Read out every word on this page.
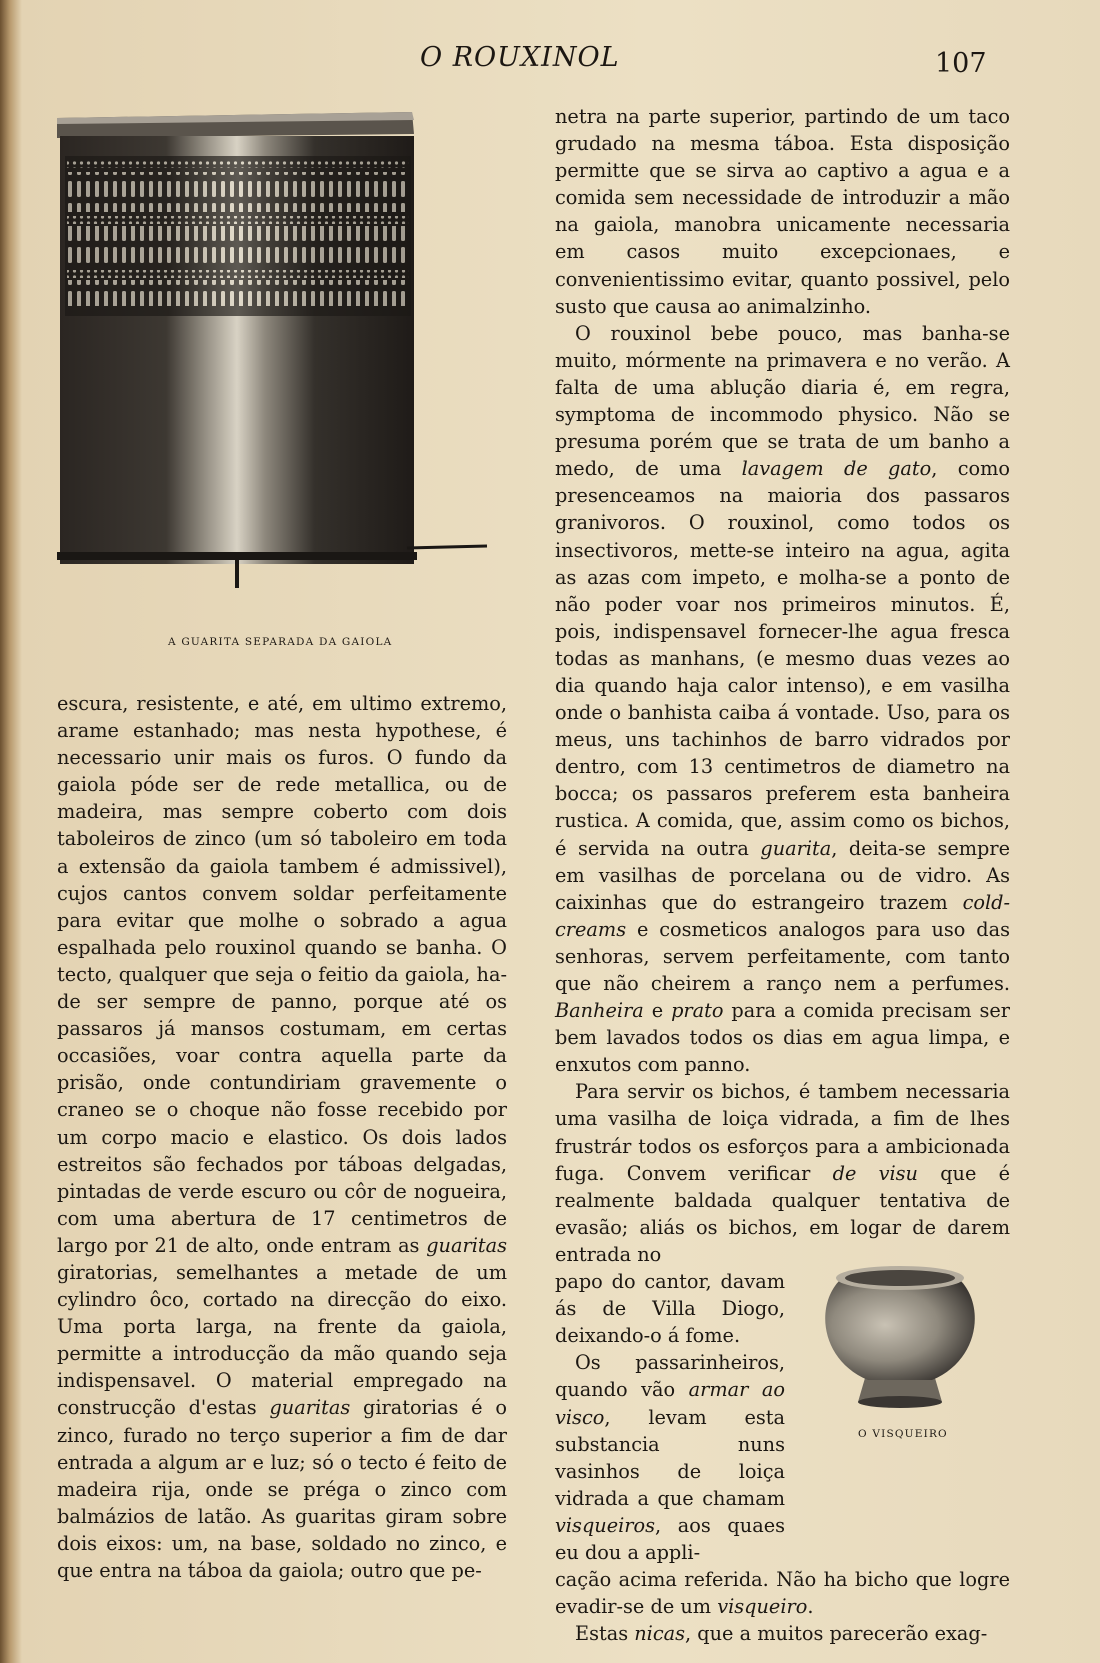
O ROUXINOL	107
A GUARITA SEPARADA DA GAIOLA

escura, resistente, e até, em ultimo extremo, arame estanhado; mas nesta hypothese, é necessario unir mais os furos. O fundo da gaiola póde ser de rede metallica, ou de madeira, mas sempre coberto com dois taboleiros de zinco (um só taboleiro em toda a extensão da gaiola tambem é admissivel), cujos cantos convem soldar perfeitamente para evitar que molhe o sobrado a agua espalhada pelo rouxinol quando se banha. O tecto, qualquer que seja o feitio da gaiola, ha-de ser sempre de panno, porque até os passaros já mansos costumam, em certas occasiões, voar contra aquella parte da prisão, onde contundiriam gravemente o craneo se o choque não fosse recebido por um corpo macio e elastico. Os dois lados estreitos são fechados por táboas delgadas, pintadas de verde escuro ou côr de nogueira, com uma abertura de 17 centimetros de largo por 21 de alto, onde entram as guaritas giratorias, semelhantes a metade de um cylindro ôco, cortado na direcção do eixo. Uma porta larga, na frente da gaiola, permitte a introducção da mão quando seja indispensavel. O material empregado na construcção d'estas guaritas giratorias é o zinco, furado no terço superior a fim de dar entrada a algum ar e luz; só o tecto é feito de madeira rija, onde se préga o zinco com balmázios de latão. As guaritas giram sobre dois eixos: um, na base, soldado no zinco, e que entra na táboa da gaiola; outro que pe-

netra na parte superior, partindo de um taco grudado na mesma táboa. Esta disposição permitte que se sirva ao captivo a agua e a comida sem necessidade de introduzir a mão na gaiola, manobra unicamente necessaria em casos muito excepcionaes, e convenientissimo evitar, quanto possivel, pelo susto que causa ao animalzinho.

O rouxinol bebe pouco, mas banha-se muito, mórmente na primavera e no verão. A falta de uma ablução diaria é, em regra, symptoma de incommodo physico. Não se presuma porém que se trata de um banho a medo, de uma lavagem de gato, como presenceamos na maioria dos passaros granivoros. O rouxinol, como todos os insectivoros, mette-se inteiro na agua, agita as azas com impeto, e molha-se a ponto de não poder voar nos primeiros minutos. É, pois, indispensavel fornecer-lhe agua fresca todas as manhans, (e mesmo duas vezes ao dia quando haja calor intenso), e em vasilha onde o banhista caiba á vontade. Uso, para os meus, uns tachinhos de barro vidrados por dentro, com 13 centimetros de diametro na bocca; os passaros preferem esta banheira rustica. A comida, que, assim como os bichos, é servida na outra guarita, deita-se sempre em vasilhas de porcelana ou de vidro. As caixinhas que do estrangeiro trazem cold-creams e cosmeticos analogos para uso das senhoras, servem perfeitamente, com tanto que não cheirem a ranço nem a perfumes. Banheira e prato para a comida precisam ser bem lavados todos os dias em agua limpa, e enxutos com panno.

Para servir os bichos, é tambem necessaria uma vasilha de loiça vidrada, a fim de lhes frustrár todos os esforços para a ambicionada fuga. Convem verificar de visu que é realmente baldada qualquer tentativa de evasão; aliás os bichos, em logar de darem entrada no

papo do cantor, davam ás de Villa Diogo, deixando-o á fome.

Os passarinheiros, quando vão armar ao visco, levam esta substancia nuns vasinhos de loiça vidrada a que chamam visqueiros, aos quaes eu dou a appli-

cação acima referida. Não ha bicho que logre evadir-se de um visqueiro.

Estas nicas, que a muitos parecerão exag-

O VISQUEIRO
